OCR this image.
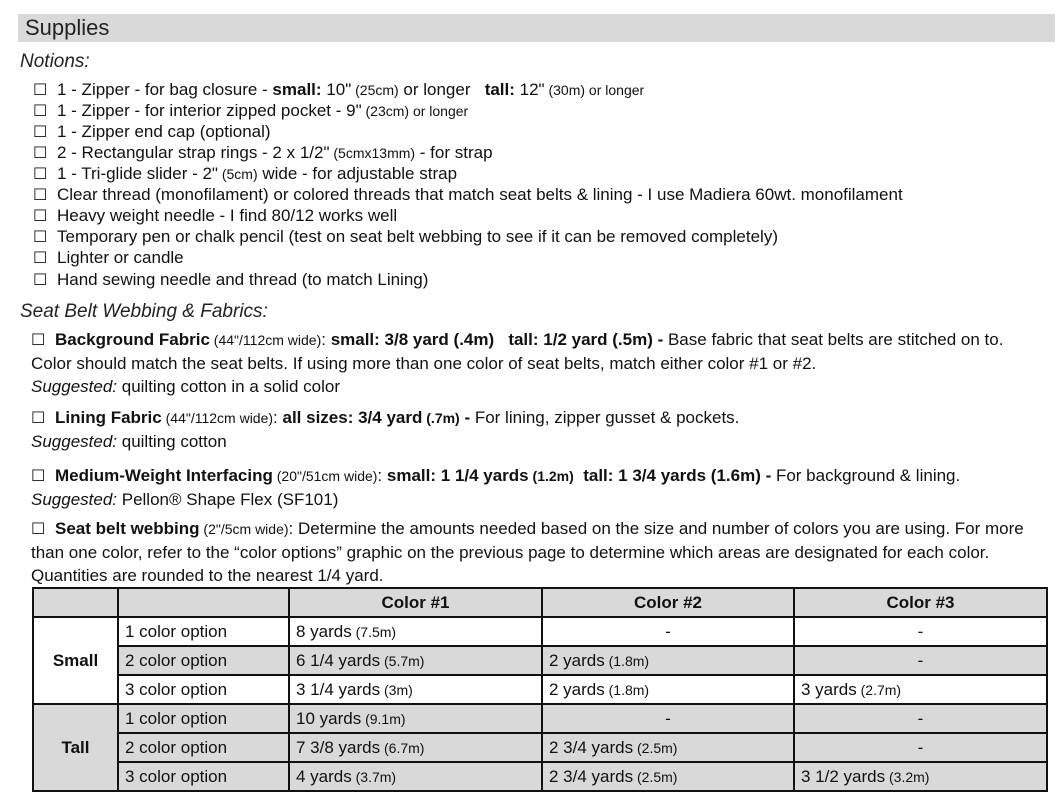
Supplies
Notions:
☐ 1 - Zipper - for bag closure - small: 10" (25cm) or longer   tall: 12" (30m) or longer
☐ 1 - Zipper - for interior zipped pocket - 9" (23cm) or longer
☐ 1 - Zipper end cap (optional)
☐ 2 - Rectangular strap rings - 2 x 1/2" (5cmx13mm) - for strap
☐ 1 - Tri-glide slider - 2" (5cm) wide - for adjustable strap
☐ Clear thread (monofilament) or colored threads that match seat belts & lining - I use Madiera 60wt. monofilament
☐ Heavy weight needle - I find 80/12 works well
☐ Temporary pen or chalk pencil (test on seat belt webbing to see if it can be removed completely)
☐ Lighter or candle
☐ Hand sewing needle and thread (to match Lining)
Seat Belt Webbing & Fabrics:
☐ Background Fabric (44"/112cm wide): small: 3/8 yard (.4m)   tall: 1/2 yard (.5m) - Base fabric that seat belts are stitched on to. Color should match the seat belts. If using more than one color of seat belts, match either color #1 or #2.
Suggested: quilting cotton in a solid color
☐ Lining Fabric (44"/112cm wide): all sizes: 3/4 yard (.7m) - For lining, zipper gusset & pockets.
Suggested: quilting cotton
☐ Medium-Weight Interfacing (20"/51cm wide): small: 1 1/4 yards (1.2m)  tall: 1 3/4 yards (1.6m) - For background & lining.
Suggested: Pellon® Shape Flex (SF101)
☐ Seat belt webbing (2"/5cm wide): Determine the amounts needed based on the size and number of colors you are using. For more than one color, refer to the “color options” graphic on the previous page to determine which areas are designated for each color. Quantities are rounded to the nearest 1/4 yard.
		Color #1	Color #2	Color #3
Small	1 color option	8 yards (7.5m)	-	-
	2 color option	6 1/4 yards (5.7m)	2 yards (1.8m)	-
	3 color option	3 1/4 yards (3m)	2 yards (1.8m)	3 yards (2.7m)
Tall	1 color option	10 yards (9.1m)	-	-
	2 color option	7 3/8 yards (6.7m)	2 3/4 yards (2.5m)	-
	3 color option	4 yards (3.7m)	2 3/4 yards (2.5m)	3 1/2 yards (3.2m)
